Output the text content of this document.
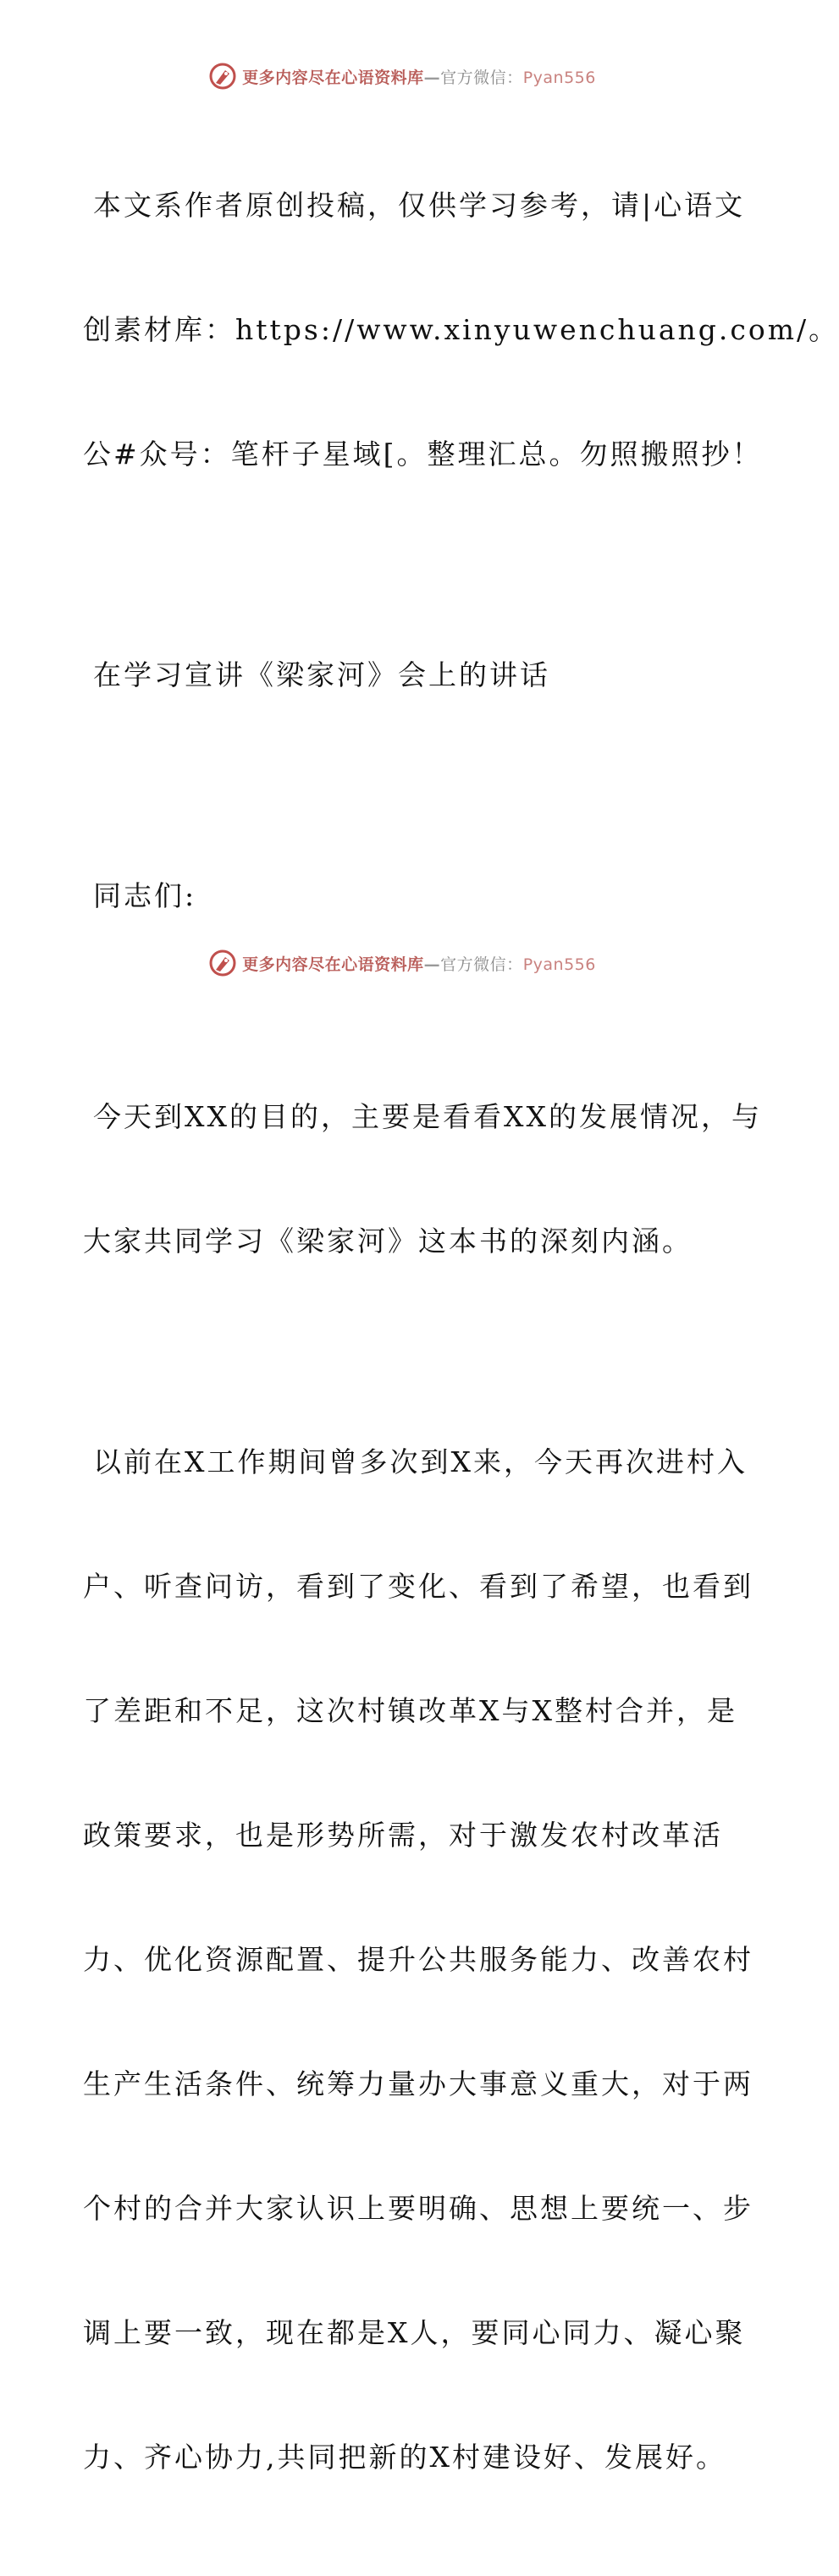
更多内容尽在心语资料库—官方微信：Pyan556

本文系作者原创投稿，仅供学习参考，请|心语文

创素材库：https://www.xinyuwenchuang.com/。

公#众号：笔杆子星域[。整理汇总。勿照搬照抄！

在学习宣讲《梁家河》会上的讲话

同志们:

今天到XX的目的，主要是看看XX的发展情况，与

大家共同学习《梁家河》这本书的深刻内涵。

以前在X工作期间曾多次到X来，今天再次进村入

户、听查问访，看到了变化、看到了希望，也看到

了差距和不足，这次村镇改革X与X整村合并，是

政策要求，也是形势所需，对于激发农村改革活

力、优化资源配置、提升公共服务能力、改善农村

生产生活条件、统筹力量办大事意义重大，对于两

个村的合并大家认识上要明确、思想上要统一、步

调上要一致，现在都是X人，要同心同力、凝心聚

力、齐心协力,共同把新的X村建设好、发展好。

更多内容尽在心语资料库—官方微信：Pyan556
